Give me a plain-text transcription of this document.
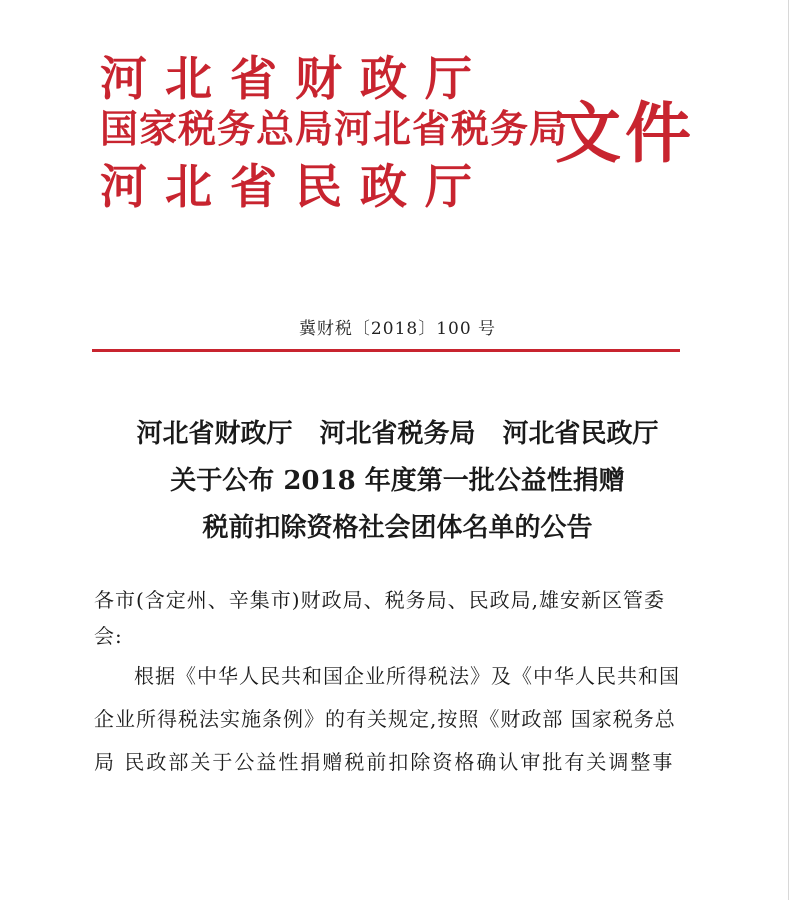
河北省财政厅
国家税务总局河北省税务局
河北省民政厅
文件
冀财税〔2018〕100 号
河北省财政厅 河北省税务局 河北省民政厅
关于公布 2018 年度第一批公益性捐赠
税前扣除资格社会团体名单的公告
各市(含定州、辛集市)财政局、税务局、民政局,雄安新区管委
会:
根据《中华人民共和国企业所得税法》及《中华人民共和国
企业所得税法实施条例》的有关规定,按照《财政部 国家税务总
局 民政部关于公益性捐赠税前扣除资格确认审批有关调整事
